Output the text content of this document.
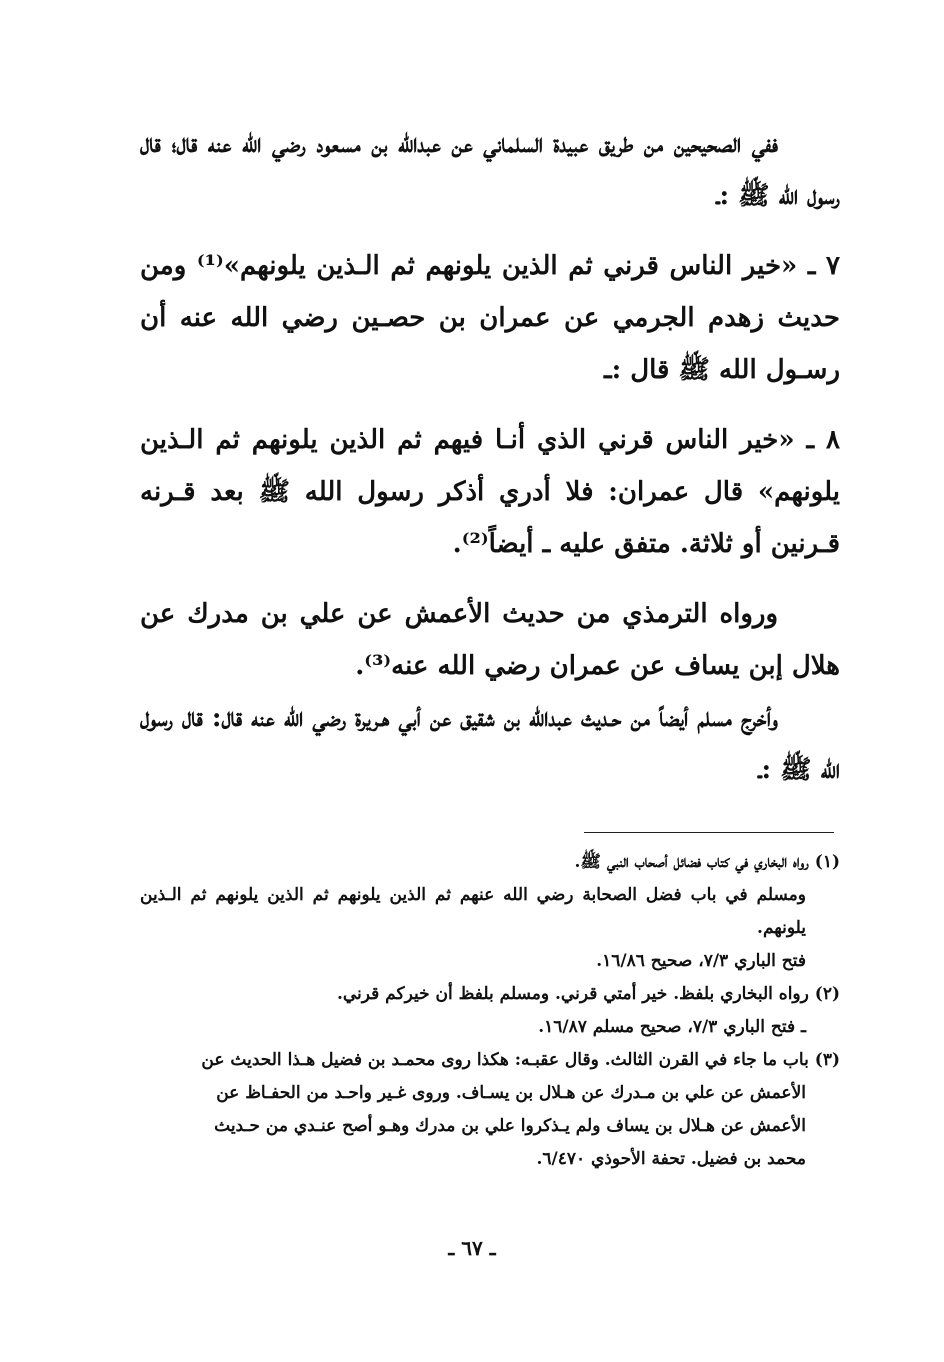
ففي الصحيحين من طريق عبيدة السلماني عن عبدالله بن مسعود رضي الله عنه قال؛ قال رسول الله ﷺ :ـ

٧ ـ «خير الناس قرني ثم الذين يلونهم ثم الـذين يلونهم»⁽¹⁾ ومن حديث زهدم الجرمي عن عمران بن حصـين رضي الله عنه أن رسـول الله ﷺ قال :ـ

٨ ـ «خير الناس قرني الذي أنـا فيهم ثم الذين يلونهم ثم الـذين يلونهم» قال عمران: فلا أدري أذكر رسول الله ﷺ بعد قـرنه قـرنين أو ثلاثة. متفق عليه ـ أيضاً⁽²⁾.

ورواه الترمذي من حديث الأعمش عن علي بن مدرك عن هلال إبن يساف عن عمران رضي الله عنه⁽³⁾.

وأخرج مسلم أيضاً من حـديث عبدالله بن شقيق عن أبي هـريرة رضي الله عنه قال: قال رسول الله ﷺ :ـ

(١) رواه البخاري في كتاب فضائل أصحاب النبي ﷺ.

ومسلم في باب فضل الصحابة رضي الله عنهم ثم الذين يلونهم ثم الذين يلونهم ثم الـذين يلونهم.

فتح الباري ٧/٣، صحيح ١٦/٨٦.

(٢) رواه البخاري بلفظ. خير أمتي قرني. ومسلم بلفظ أن خيركم قرني.

ـ فتح الباري ٧/٣، صحيح مسلم ١٦/٨٧.

(٣) باب ما جاء في القرن الثالث. وقال عقبـه: هكذا روى محمـد بن فضيل هـذا الحديث عن

الأعمش عن علي بن مـدرك عن هـلال بن يسـاف. وروى غـير واحـد من الحفـاظ عن

الأعمش عن هـلال بن يساف ولم يـذكروا علي بن مدرك وهـو أصح عنـدي من حـديث

محمد بن فضيل. تحفة الأحوذي ٦/٤٧٠.

ـ ٦٧ ـ
